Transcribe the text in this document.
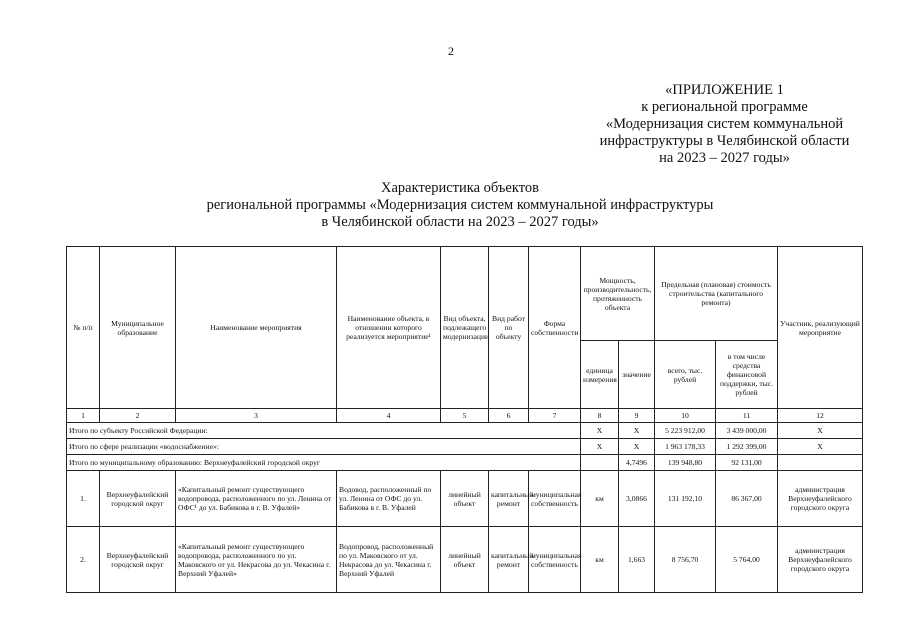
2
«ПРИЛОЖЕНИЕ 1
к региональной программе
«Модернизация систем коммунальной
инфраструктуры в Челябинской области
на 2023 – 2027 годы»
Характеристика объектов
региональной программы «Модернизация систем коммунальной инфраструктуры
в Челябинской области на 2023 – 2027 годы»
№ п/п	Муниципальное образование	Наименование мероприятия	Наименование объекта, в отношении которого реализуется мероприятие¹	Вид объекта, подлежащего модернизации	Вид работ по объекту	Форма собственности	Мощность, производительность, протяженность объекта		Предельная (плановая) стоимость строительства (капитального ремонта)		Участник, реализующий мероприятие
							единица измерения	значение	всего, тыс. рублей	в том числе средства финансовой поддержки, тыс. рублей	
1	2	3	4	5	6	7	8	9	10	11	12
Итого по субъекту Российской Федерации:							X	X	5 223 912,00	3 439 000,00	X
Итого по сфере реализации «водоснабжение»:							X	X	1 963 178,33	1 292 399,00	X
Итого по муниципальному образованию: Верхнеуфалейский городской округ								4,7496	139 948,80	92 131,00	
1.	Верхнеуфалейский городской округ	«Капитальный ремонт существующего водопровода, расположенного по ул. Ленина от ОФС¹ до ул. Бабикова в г. В. Уфалей»	Водовод, расположенный по ул. Ленина от ОФС до ул. Бабикова в г. В. Уфалей	линейный объект	капитальный ремонт	муниципальная собственность	км	3,0866	131 192,10	86 367,00	администрация Верхнеуфалейского городского округа
2.	Верхнеуфалейский городской округ	«Капитальный ремонт существующего водопровода, расположенного по ул. Маковского от ул. Некрасова до ул. Чекасина г. Верхний Уфалей»	Водопровод, расположенный по ул. Маковского от ул. Некрасова до ул. Чекасина г. Верхний Уфалей	линейный объект	капитальный ремонт	муниципальная собственность	км	1,663	8 756,70	5 764,00	администрация Верхнеуфалейского городского округа
